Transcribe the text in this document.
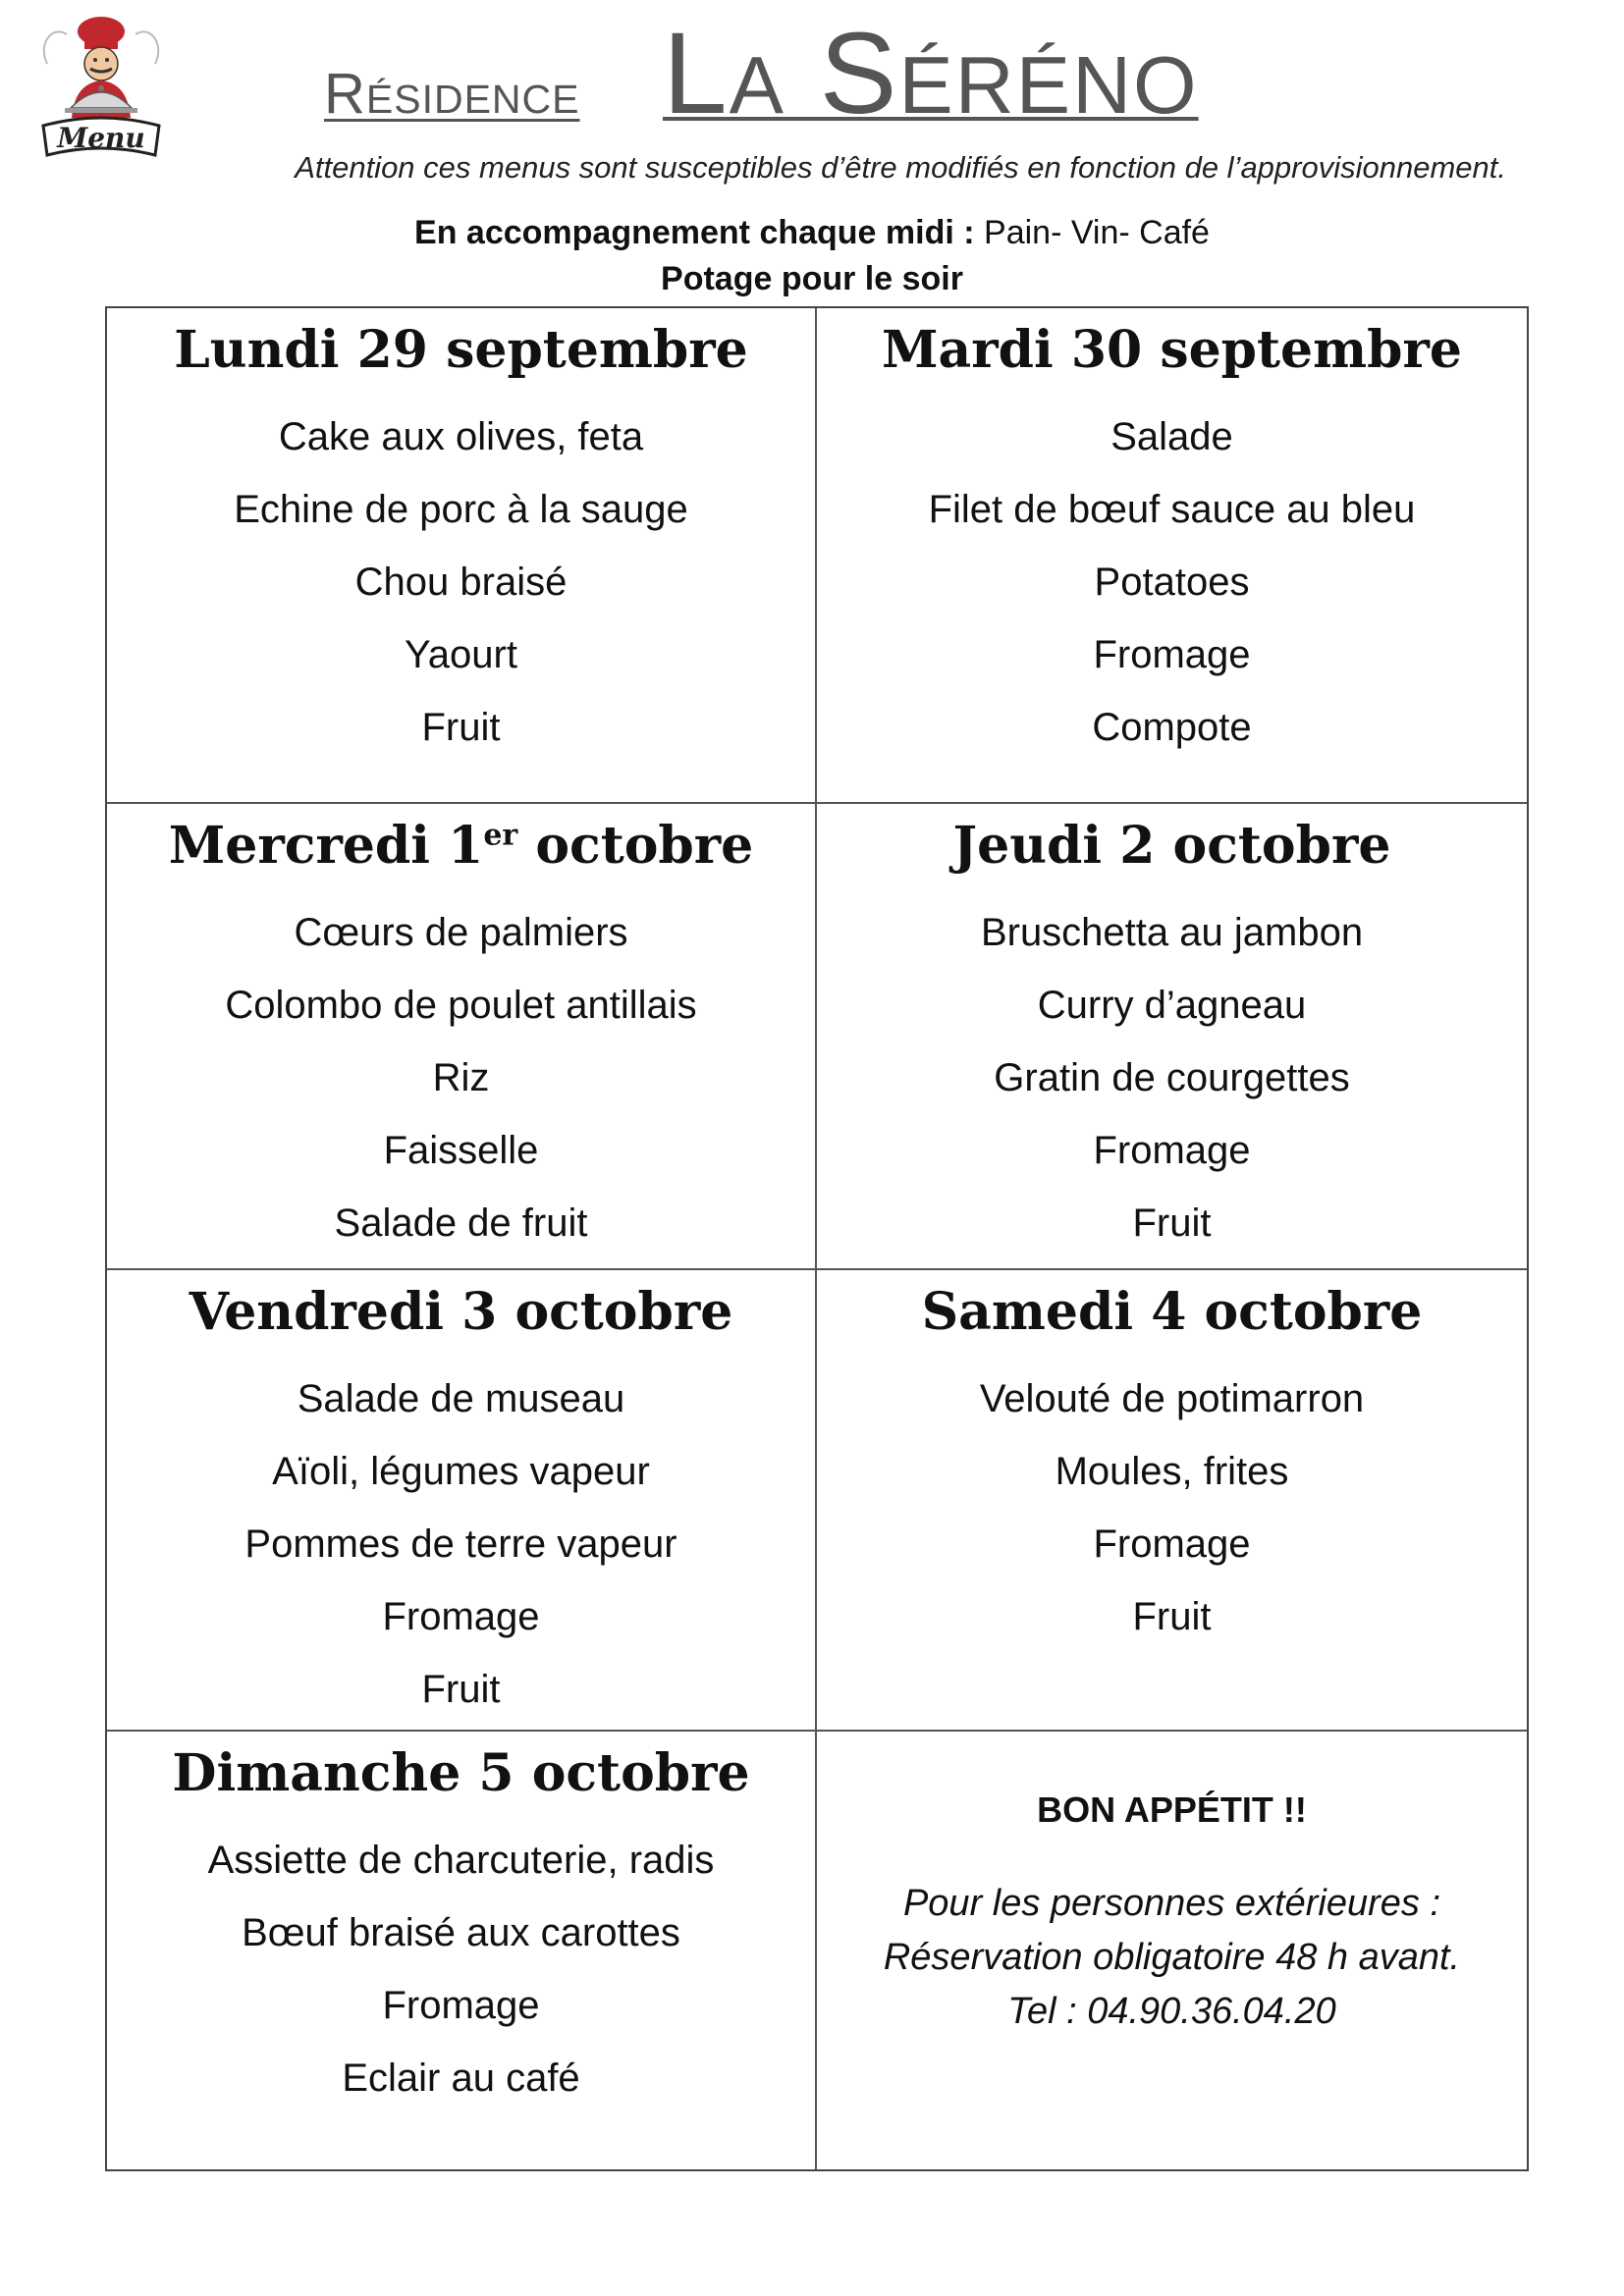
Menu
Résidence La Séréno
Attention ces menus sont susceptibles d’être modifiés en fonction de l’approvisionnement.
En accompagnement chaque midi : Pain- Vin- Café
Potage pour le soir
Lundi 29 septembre
Cake aux olives, feta
Echine de porc à la sauge
Chou braisé
Yaourt
Fruit
Mardi 30 septembre
Salade
Filet de bœuf sauce au bleu
Potatoes
Fromage
Compote
Mercredi 1er octobre
Cœurs de palmiers
Colombo de poulet antillais
Riz
Faisselle
Salade de fruit
Jeudi 2 octobre
Bruschetta au jambon
Curry d’agneau
Gratin de courgettes
Fromage
Fruit
Vendredi 3 octobre
Salade de museau
Aïoli, légumes vapeur
Pommes de terre vapeur
Fromage
Fruit
Samedi 4 octobre
Velouté de potimarron
Moules, frites
Fromage
Fruit
Dimanche 5 octobre
Assiette de charcuterie, radis
Bœuf braisé aux carottes
Fromage
Eclair au café
BON APPÉTIT !!
Pour les personnes extérieures :
Réservation obligatoire 48 h avant.
Tel : 04.90.36.04.20
